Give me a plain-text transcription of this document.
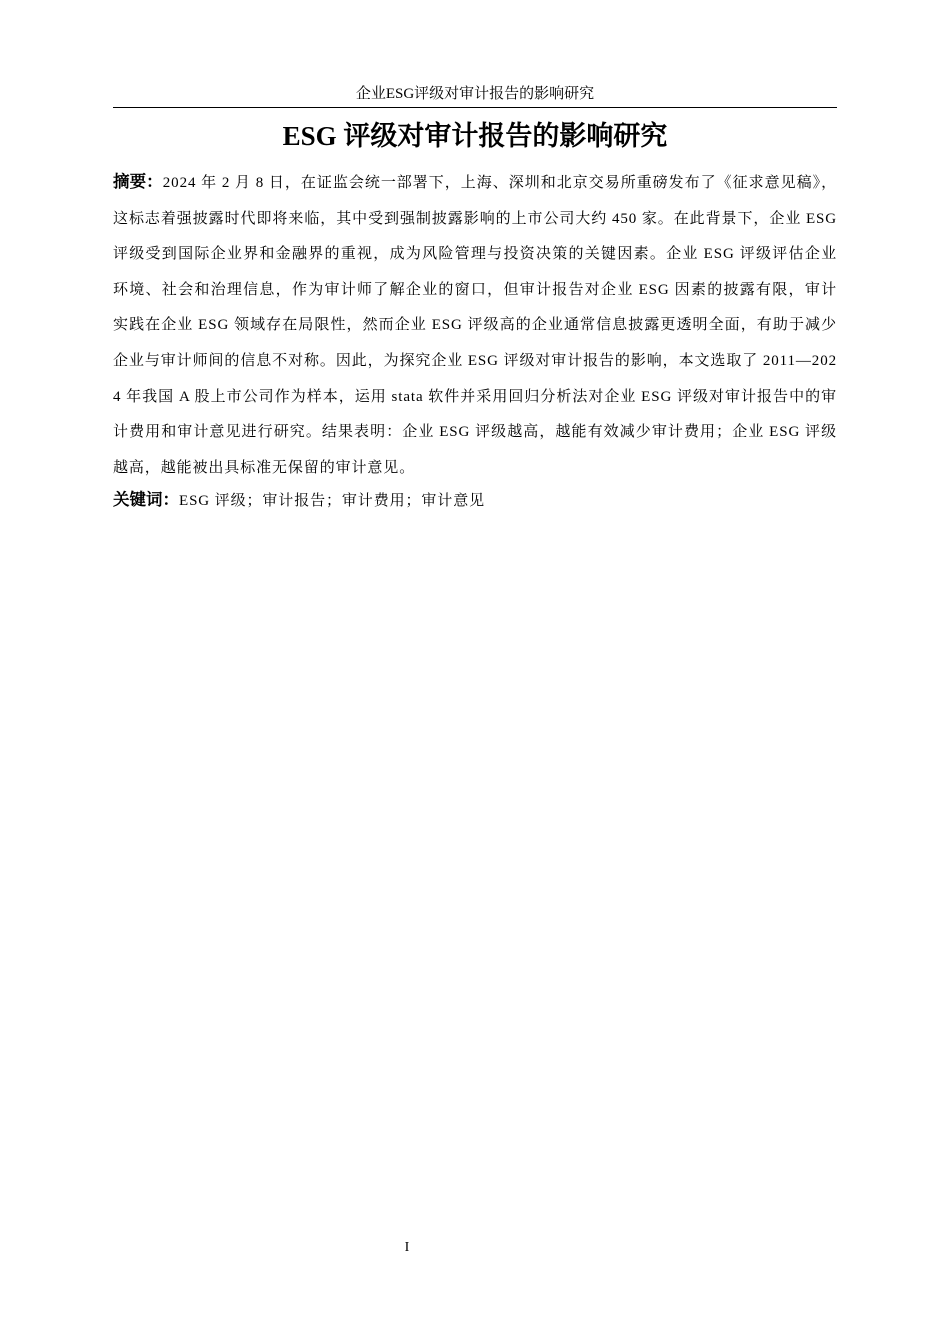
企业ESG评级对审计报告的影响研究
ESG 评级对审计报告的影响研究
摘要：2024 年 2 月 8 日，在证监会统一部署下，上海、深圳和北京交易所重磅发布了《征求意见稿》，这标志着强披露时代即将来临，其中受到强制披露影响的上市公司大约 450 家。在此背景下，企业 ESG 评级受到国际企业界和金融界的重视，成为风险管理与投资决策的关键因素。企业 ESG 评级评估企业环境、社会和治理信息，作为审计师了解企业的窗口，但审计报告对企业 ESG 因素的披露有限，审计实践在企业 ESG 领域存在局限性，然而企业 ESG 评级高的企业通常信息披露更透明全面，有助于减少企业与审计师间的信息不对称。因此，为探究企业 ESG 评级对审计报告的影响，本文选取了 2011—2024 年我国 A 股上市公司作为样本，运用 stata 软件并采用回归分析法对企业 ESG 评级对审计报告中的审计费用和审计意见进行研究。结果表明：企业 ESG 评级越高，越能有效减少审计费用；企业 ESG 评级越高，越能被出具标准无保留的审计意见。
关键词：ESG 评级；审计报告；审计费用；审计意见
I
